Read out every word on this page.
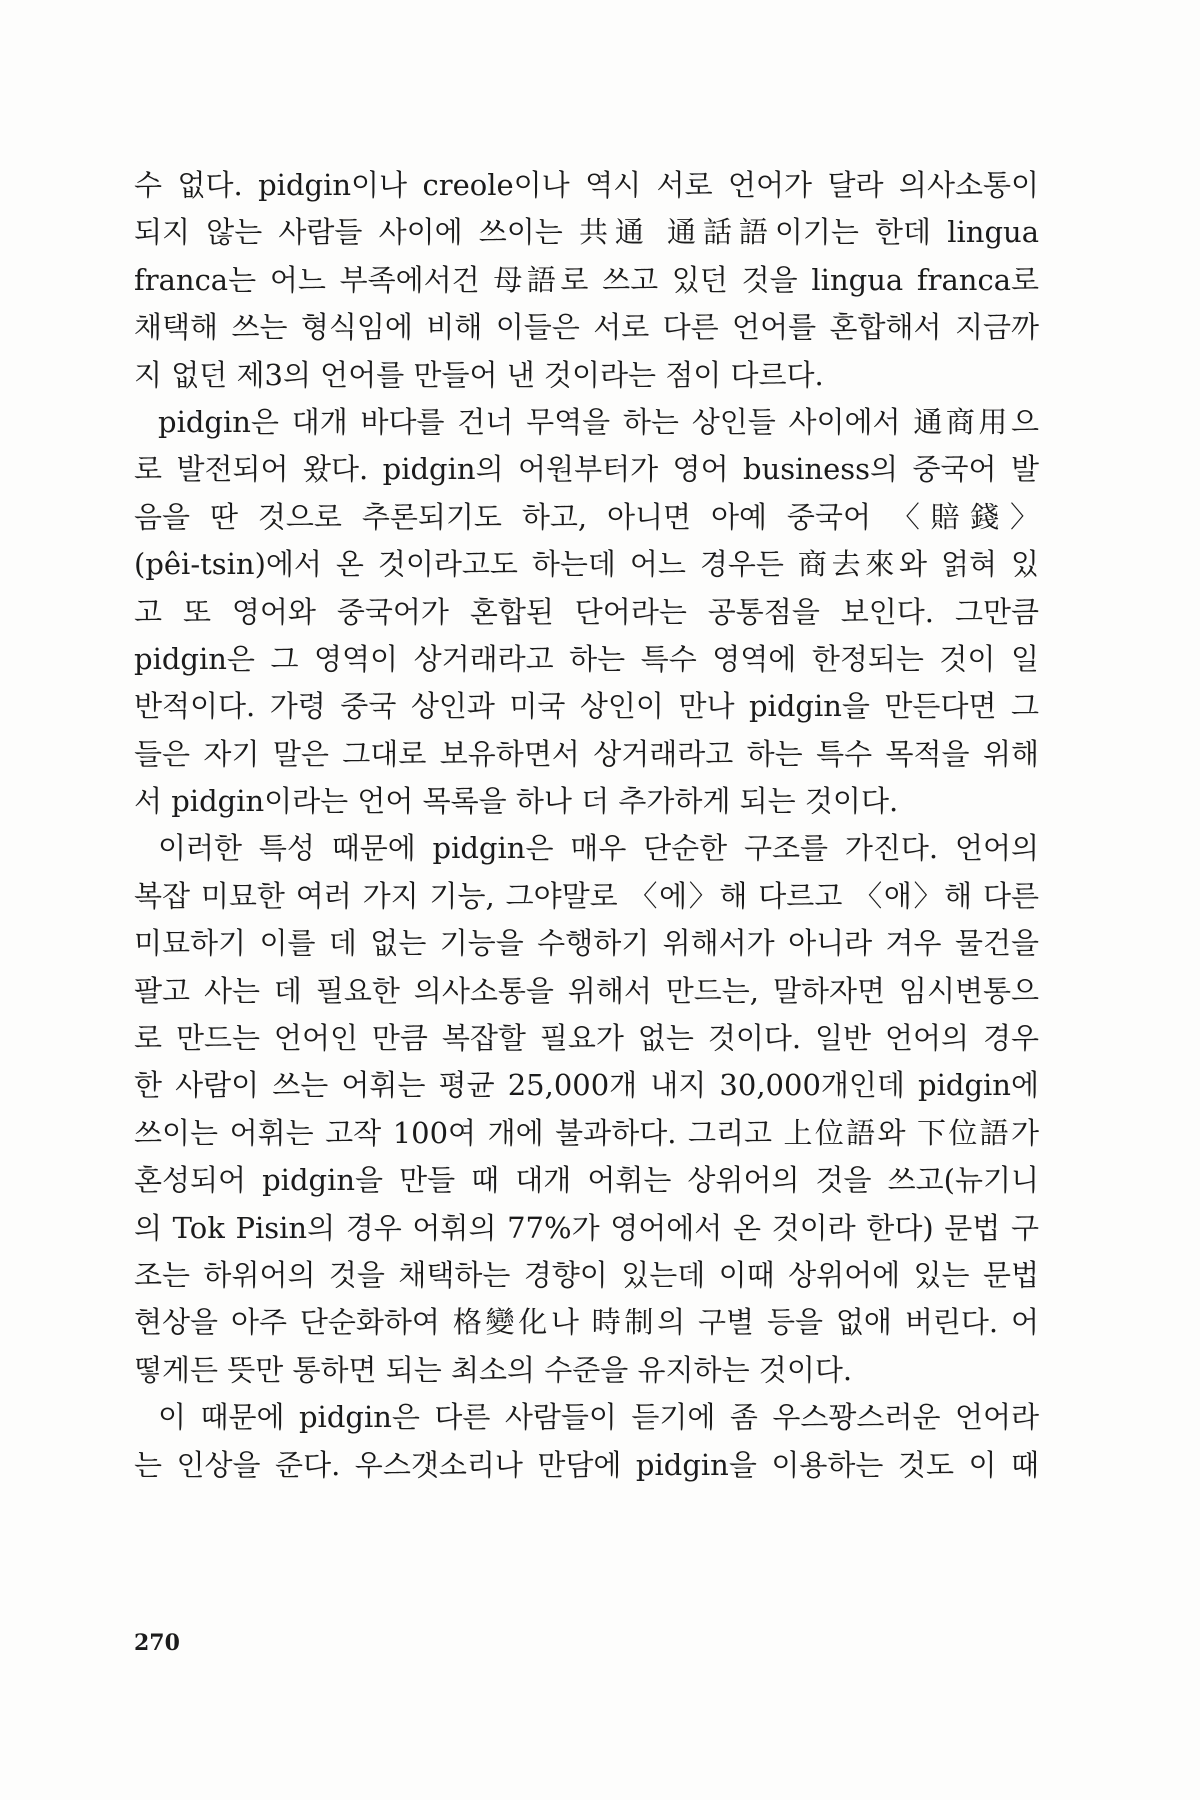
수 없다. pidgin이나 creole이나 역시 서로 언어가 달라 의사소통이
되지 않는 사람들 사이에 쓰이는 共通 通話語이기는 한데 lingua
franca는 어느 부족에서건 母語로 쓰고 있던 것을 lingua franca로
채택해 쓰는 형식임에 비해 이들은 서로 다른 언어를 혼합해서 지금까
지 없던 제3의 언어를 만들어 낸 것이라는 점이 다르다.
pidgin은 대개 바다를 건너 무역을 하는 상인들 사이에서 通商用으
로 발전되어 왔다. pidgin의 어원부터가 영어 business의 중국어 발
음을 딴 것으로 추론되기도 하고, 아니면 아예 중국어 〈賠錢〉
(pêi-tsin)에서 온 것이라고도 하는데 어느 경우든 商去來와 얽혀 있
고 또 영어와 중국어가 혼합된 단어라는 공통점을 보인다. 그만큼
pidgin은 그 영역이 상거래라고 하는 특수 영역에 한정되는 것이 일
반적이다. 가령 중국 상인과 미국 상인이 만나 pidgin을 만든다면 그
들은 자기 말은 그대로 보유하면서 상거래라고 하는 특수 목적을 위해
서 pidgin이라는 언어 목록을 하나 더 추가하게 되는 것이다.
이러한 특성 때문에 pidgin은 매우 단순한 구조를 가진다. 언어의
복잡 미묘한 여러 가지 기능, 그야말로 〈에〉해 다르고 〈애〉해 다른
미묘하기 이를 데 없는 기능을 수행하기 위해서가 아니라 겨우 물건을
팔고 사는 데 필요한 의사소통을 위해서 만드는, 말하자면 임시변통으
로 만드는 언어인 만큼 복잡할 필요가 없는 것이다. 일반 언어의 경우
한 사람이 쓰는 어휘는 평균 25,000개 내지 30,000개인데 pidgin에
쓰이는 어휘는 고작 100여 개에 불과하다. 그리고 上位語와 下位語가
혼성되어 pidgin을 만들 때 대개 어휘는 상위어의 것을 쓰고(뉴기니
의 Tok Pisin의 경우 어휘의 77%가 영어에서 온 것이라 한다) 문법 구
조는 하위어의 것을 채택하는 경향이 있는데 이때 상위어에 있는 문법
현상을 아주 단순화하여 格變化나 時制의 구별 등을 없애 버린다. 어
떻게든 뜻만 통하면 되는 최소의 수준을 유지하는 것이다.
이 때문에 pidgin은 다른 사람들이 듣기에 좀 우스꽝스러운 언어라
는 인상을 준다. 우스갯소리나 만담에 pidgin을 이용하는 것도 이 때
270
